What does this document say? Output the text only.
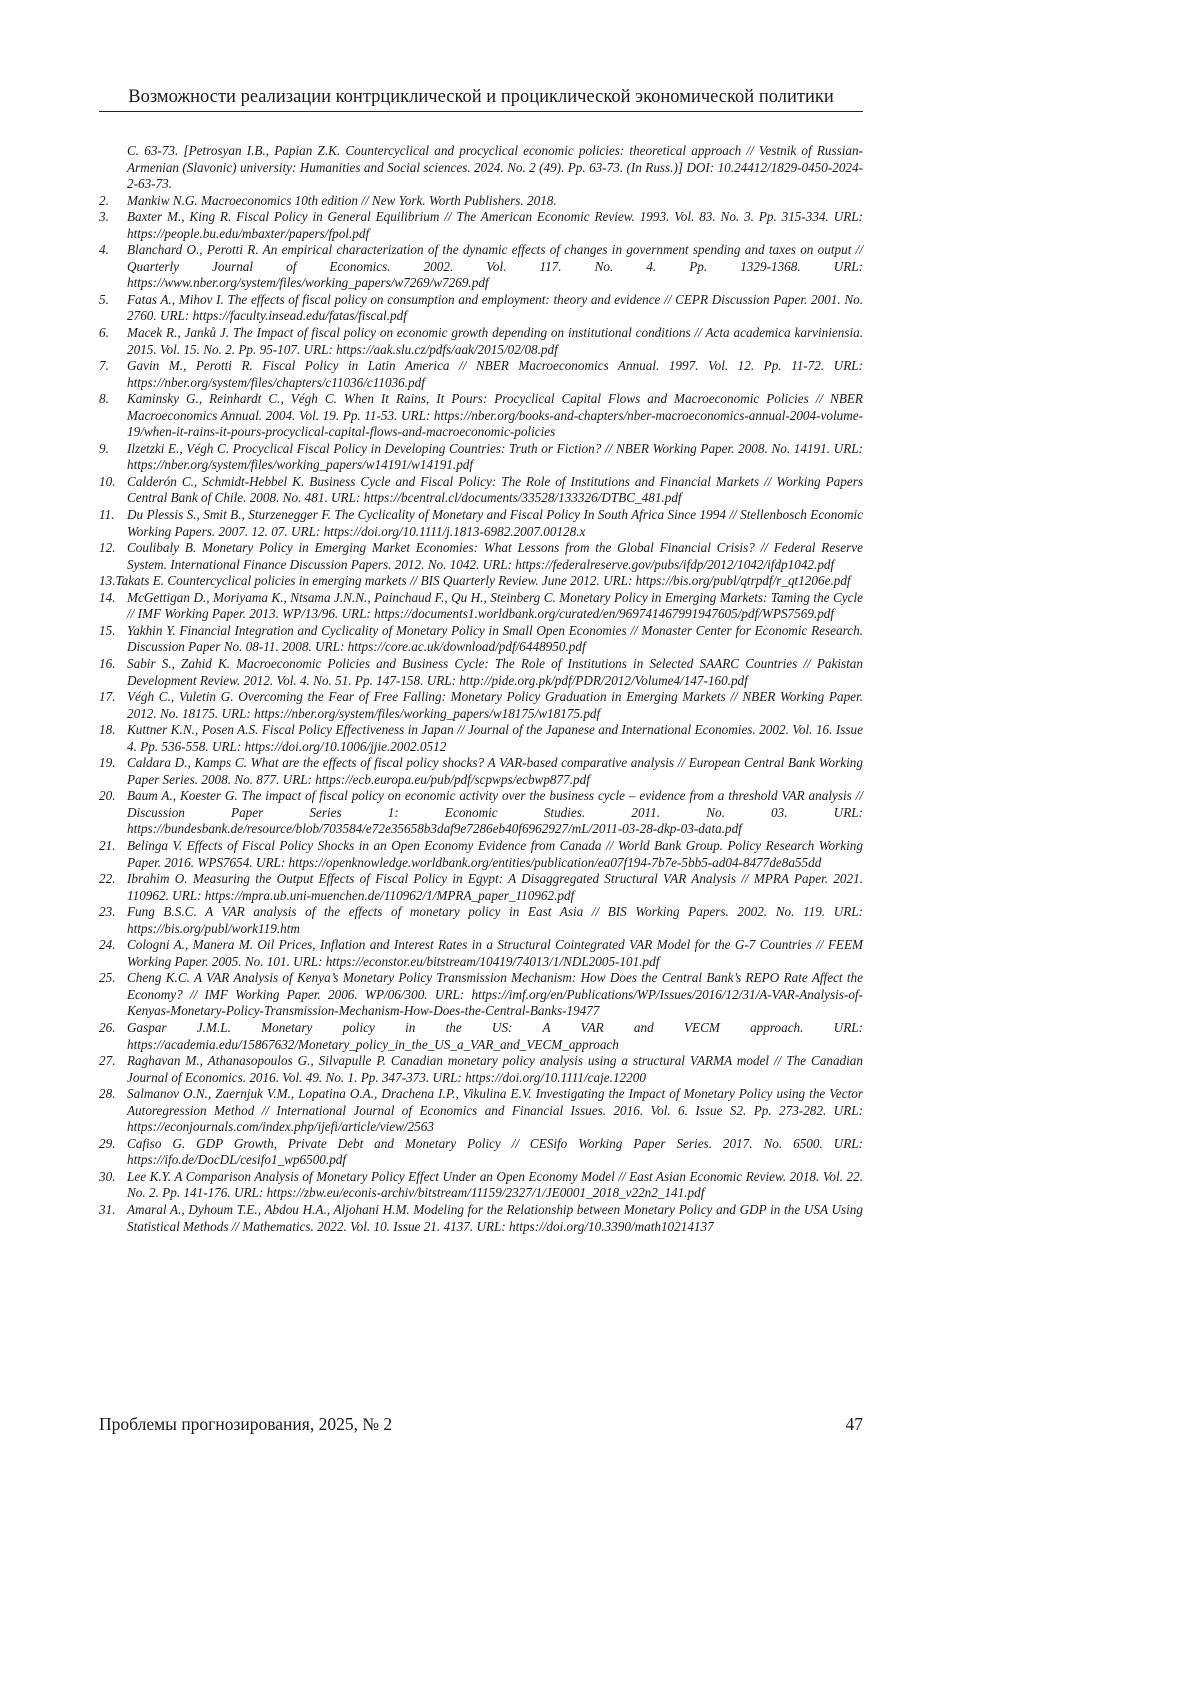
Возможности реализации контрциклической и проциклической экономической политики
C. 63-73. [Petrosyan I.B., Papian Z.K. Countercyclical and procyclical economic policies: theoretical approach // Vestnik of Russian-Armenian (Slavonic) university: Humanities and Social sciences. 2024. No. 2 (49). Pp. 63-73. (In Russ.)] DOI: 10.24412/1829-0450-2024-2-63-73.
2.	Mankiw N.G. Macroeconomics 10th edition // New York. Worth Publishers. 2018.
3.	Baxter M., King R. Fiscal Policy in General Equilibrium // The American Economic Review. 1993. Vol. 83. No. 3. Pp. 315-334. URL: https://people.bu.edu/mbaxter/papers/fpol.pdf
4.	Blanchard O., Perotti R. An empirical characterization of the dynamic effects of changes in government spending and taxes on output // Quarterly Journal of Economics. 2002. Vol. 117. No. 4. Pp. 1329-1368. URL: https://www.nber.org/system/files/working_papers/w7269/w7269.pdf
5.	Fatas A., Mihov I. The effects of fiscal policy on consumption and employment: theory and evidence // CEPR Discussion Paper. 2001. No. 2760. URL: https://faculty.insead.edu/fatas/fiscal.pdf
6.	Macek R., Janků J. The Impact of fiscal policy on economic growth depending on institutional conditions // Acta academica karviniensia. 2015. Vol. 15. No. 2. Pp. 95-107. URL: https://aak.slu.cz/pdfs/aak/2015/02/08.pdf
7.	Gavin M., Perotti R. Fiscal Policy in Latin America // NBER Macroeconomics Annual. 1997. Vol. 12. Pp. 11-72. URL: https://nber.org/system/files/chapters/c11036/c11036.pdf
8.	Kaminsky G., Reinhardt C., Végh C. When It Rains, It Pours: Procyclical Capital Flows and Macroeconomic Policies // NBER Macroeconomics Annual. 2004. Vol. 19. Pp. 11-53. URL: https://nber.org/books-and-chapters/nber-macroeconomics-annual-2004-volume-19/when-it-rains-it-pours-procyclical-capital-flows-and-macroeconomic-policies
9.	Ilzetzki E., Végh C. Procyclical Fiscal Policy in Developing Countries: Truth or Fiction? // NBER Working Paper. 2008. No. 14191. URL: https://nber.org/system/files/working_papers/w14191/w14191.pdf
10. Calderón C., Schmidt-Hebbel K. Business Cycle and Fiscal Policy: The Role of Institutions and Financial Markets // Working Papers Central Bank of Chile. 2008. No. 481. URL: https://bcentral.cl/documents/33528/133326/DTBC_481.pdf
11. Du Plessis S., Smit B., Sturzenegger F. The Cyclicality of Monetary and Fiscal Policy In South Africa Since 1994 // Stellenbosch Economic Working Papers. 2007. 12. 07. URL: https://doi.org/10.1111/j.1813-6982.2007.00128.x
12. Coulibaly B. Monetary Policy in Emerging Market Economies: What Lessons from the Global Financial Crisis? // Federal Reserve System. International Finance Discussion Papers. 2012. No. 1042. URL: https://federalreserve.gov/pubs/ifdp/2012/1042/ifdp1042.pdf
13.Takats E. Countercyclical policies in emerging markets // BIS Quarterly Review. June 2012. URL: https://bis.org/publ/qtrpdf/r_qt1206e.pdf
14. McGettigan D., Moriyama K., Ntsama J.N.N., Painchaud F., Qu H., Steinberg C. Monetary Policy in Emerging Markets: Taming the Cycle // IMF Working Paper. 2013. WP/13/96. URL: https://documents1.worldbank.org/curated/en/969741467991947605/pdf/WPS7569.pdf
15. Yakhin Y. Financial Integration and Cyclicality of Monetary Policy in Small Open Economies // Monaster Center for Economic Research. Discussion Paper No. 08-11. 2008. URL: https://core.ac.uk/download/pdf/6448950.pdf
16. Sabir S., Zahid K. Macroeconomic Policies and Business Cycle: The Role of Institutions in Selected SAARC Countries // Pakistan Development Review. 2012. Vol. 4. No. 51. Pp. 147-158. URL: http://pide.org.pk/pdf/PDR/2012/Volume4/147-160.pdf
17. Végh C., Vuletin G. Overcoming the Fear of Free Falling: Monetary Policy Graduation in Emerging Markets // NBER Working Paper. 2012. No. 18175. URL: https://nber.org/system/files/working_papers/w18175/w18175.pdf
18. Kuttner K.N., Posen A.S. Fiscal Policy Effectiveness in Japan // Journal of the Japanese and International Economies. 2002. Vol. 16. Issue 4. Pp. 536-558. URL: https://doi.org/10.1006/jjie.2002.0512
19. Caldara D., Kamps C. What are the effects of fiscal policy shocks? A VAR-based comparative analysis // European Central Bank Working Paper Series. 2008. No. 877. URL: https://ecb.europa.eu/pub/pdf/scpwps/ecbwp877.pdf
20. Baum A., Koester G. The impact of fiscal policy on economic activity over the business cycle – evidence from a threshold VAR analysis // Discussion Paper Series 1: Economic Studies. 2011. No. 03. URL: https://bundesbank.de/resource/blob/703584/e72e35658b3daf9e7286eb40f6962927/mL/2011-03-28-dkp-03-data.pdf
21. Belinga V. Effects of Fiscal Policy Shocks in an Open Economy Evidence from Canada // World Bank Group. Policy Research Working Paper. 2016. WPS7654. URL: https://openknowledge.worldbank.org/entities/publication/ea07f194-7b7e-5bb5-ad04-8477de8a55dd
22. Ibrahim O. Measuring the Output Effects of Fiscal Policy in Egypt: A Disaggregated Structural VAR Analysis // MPRA Paper. 2021. 110962. URL: https://mpra.ub.uni-muenchen.de/110962/1/MPRA_paper_110962.pdf
23. Fung B.S.C. A VAR analysis of the effects of monetary policy in East Asia // BIS Working Papers. 2002. No. 119. URL: https://bis.org/publ/work119.htm
24. Cologni A., Manera M. Oil Prices, Inflation and Interest Rates in a Structural Cointegrated VAR Model for the G-7 Countries // FEEM Working Paper. 2005. No. 101. URL: https://econstor.eu/bitstream/10419/74013/1/NDL2005-101.pdf
25. Cheng K.C. A VAR Analysis of Kenya’s Monetary Policy Transmission Mechanism: How Does the Central Bank’s REPO Rate Affect the Economy? // IMF Working Paper. 2006. WP/06/300. URL: https://imf.org/en/Publications/WP/Issues/2016/12/31/A-VAR-Analysis-of-Kenyas-Monetary-Policy-Transmission-Mechanism-How-Does-the-Central-Banks-19477
26. Gaspar J.M.L. Monetary policy in the US: A VAR and VECM approach. URL: https://academia.edu/15867632/Monetary_policy_in_the_US_a_VAR_and_VECM_approach
27. Raghavan M., Athanasopoulos G., Silvapulle P. Canadian monetary policy analysis using a structural VARMA model // The Canadian Journal of Economics. 2016. Vol. 49. No. 1. Pp. 347-373. URL: https://doi.org/10.1111/caje.12200
28. Salmanov O.N., Zaernjuk V.M., Lopatina O.A., Drachena I.P., Vikulina E.V. Investigating the Impact of Monetary Policy using the Vector Autoregression Method // International Journal of Economics and Financial Issues. 2016. Vol. 6. Issue S2. Pp. 273-282. URL: https://econjournals.com/index.php/ijefi/article/view/2563
29. Cafiso G. GDP Growth, Private Debt and Monetary Policy // CESifo Working Paper Series. 2017. No. 6500. URL: https://ifo.de/DocDL/cesifo1_wp6500.pdf
30. Lee K.Y. A Comparison Analysis of Monetary Policy Effect Under an Open Economy Model // East Asian Economic Review. 2018. Vol. 22. No. 2. Pp. 141-176. URL: https://zbw.eu/econis-archiv/bitstream/11159/2327/1/JE0001_2018_v22n2_141.pdf
31. Amaral A., Dyhoum T.E., Abdou H.A., Aljohani H.M. Modeling for the Relationship between Monetary Policy and GDP in the USA Using Statistical Methods // Mathematics. 2022. Vol. 10. Issue 21. 4137. URL: https://doi.org/10.3390/math10214137
Проблемы прогнозирования, 2025, № 2	47
